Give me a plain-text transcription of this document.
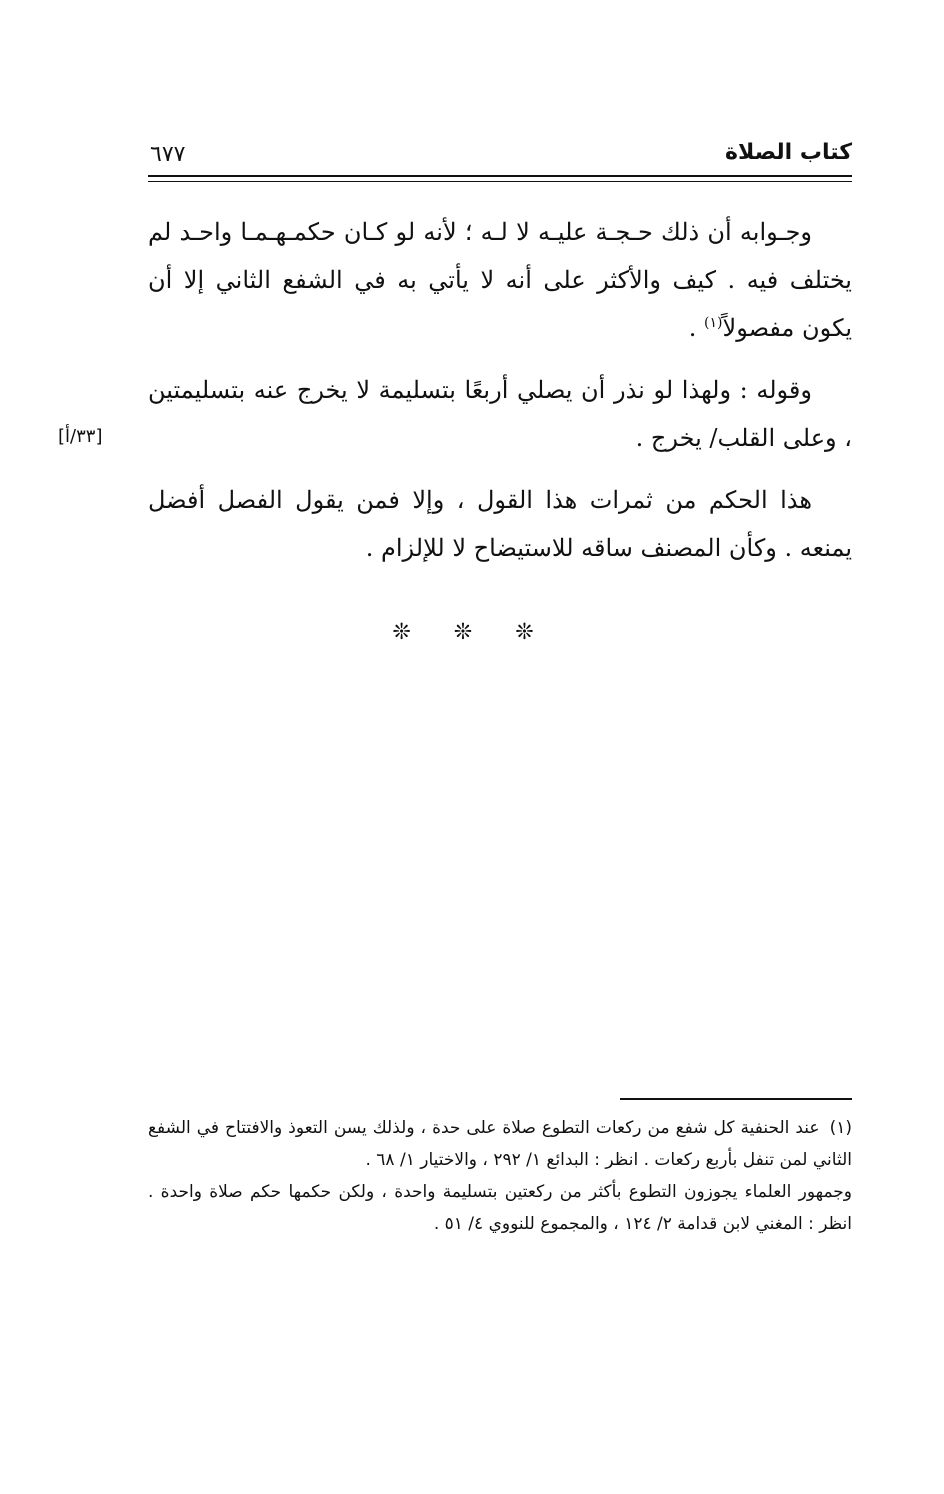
كتاب الصلاة
٦٧٧

وجـوابه أن ذلك حـجـة عليـه لا لـه ؛ لأنه لو كـان حكمـهـمـا واحـد لم يختلف فيه . كيف والأكثر على أنه لا يأتي به في الشفع الثاني إلا أن يكون مفصولاً$^{(١)}$ .

وقوله : ولهذا لو نذر أن يصلي أربعًا بتسليمة لا يخرج عنه بتسليمتين ، وعلى القلب/ يخرج .

هذا الحكم من ثمرات هذا القول ، وإلا فمن يقول الفصل أفضل يمنعه . وكأن المصنف ساقه للاستيضاح لا للإلزام .

[٣٣/أ]
❊ ❊ ❊

(١)عند الحنفية كل شفع من ركعات التطوع صلاة على حدة ، ولذلك يسن التعوذ والافتتاح في الشفع الثاني لمن تنفل بأربع ركعات . انظر : البدائع ١/ ٢٩٢ ، والاختيار ١/ ٦٨ .

وجمهور العلماء يجوزون التطوع بأكثر من ركعتين بتسليمة واحدة ، ولكن حكمها حكم صلاة واحدة . انظر : المغني لابن قدامة ٢/ ١٢٤ ، والمجموع للنووي ٤/ ٥١ .
